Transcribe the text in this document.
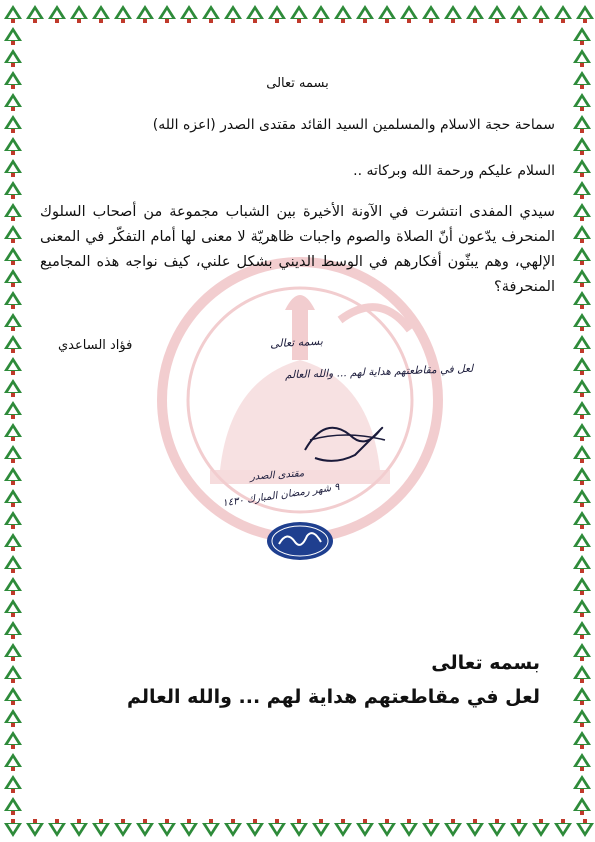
بسمه تعالى
سماحة حجة الاسلام والمسلمين السيد القائد مقتدى الصدر (اعزه الله)
السلام عليكم ورحمة الله وبركاته ..
سيدي المفدى انتشرت في الآونة الأخيرة بين الشباب مجموعة من أصحاب السلوك المنحرف يدّعون أنّ الصلاة والصوم واجبات ظاهريّة لا معنى لها أمام التفكّر في المعنى الإلهي، وهم يبثّون أفكارهم في الوسط الديني بشكل علني، كيف نواجه هذه المجاميع المنحرفة؟
فؤاد الساعدي	بسمه تعالى
لعل في مقاطعتهم هداية لهم ... والله العالم
مقتدى الصدر
٩ شهر رمضان المبارك ١٤٣٠
بسمه تعالى
لعل في مقاطعتهم هداية لهم ... والله العالم
